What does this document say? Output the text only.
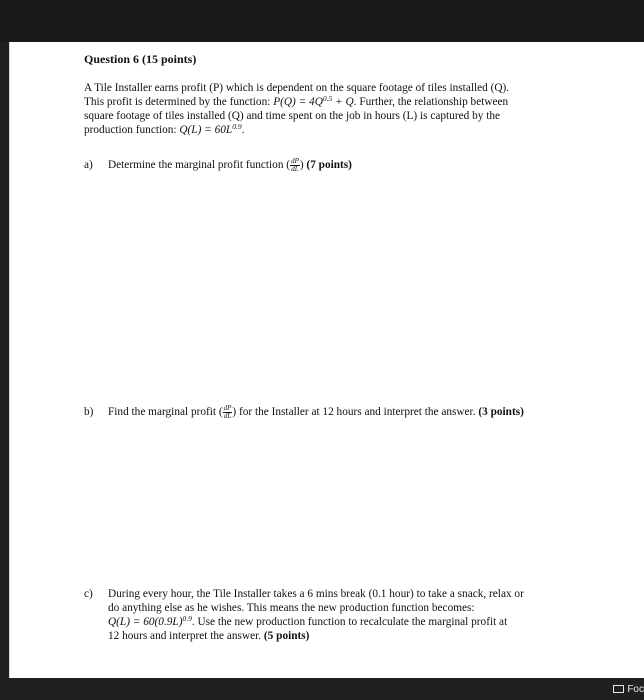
Question 6 (15 points)

A Tile Installer earns profit (P) which is dependent on the square footage of tiles installed (Q).
This profit is determined by the function: $P(Q) = 4Q^{0.5} + Q$. Further, the relationship between
square footage of tiles installed (Q) and time spent on the job in hours (L) is captured by the
production function: $Q(L) = 60L^{0.9}$.

a) Determine the marginal profit function ( $\frac{dP}{dL}$ ) (7 points)
b) Find the marginal profit ( $\frac{dP}{dL}$ ) for the Installer at 12 hours and interpret the answer. (3 points)
c) During every hour, the Tile Installer takes a 6 mins break (0.1 hour) to take a snack, relax or
do anything else as he wishes. This means the new production function becomes:
$Q(L) = 60(0.9L)^{0.9}$. Use the new production function to recalculate the marginal profit at
12 hours and interpret the answer. (5 points)
Foc
